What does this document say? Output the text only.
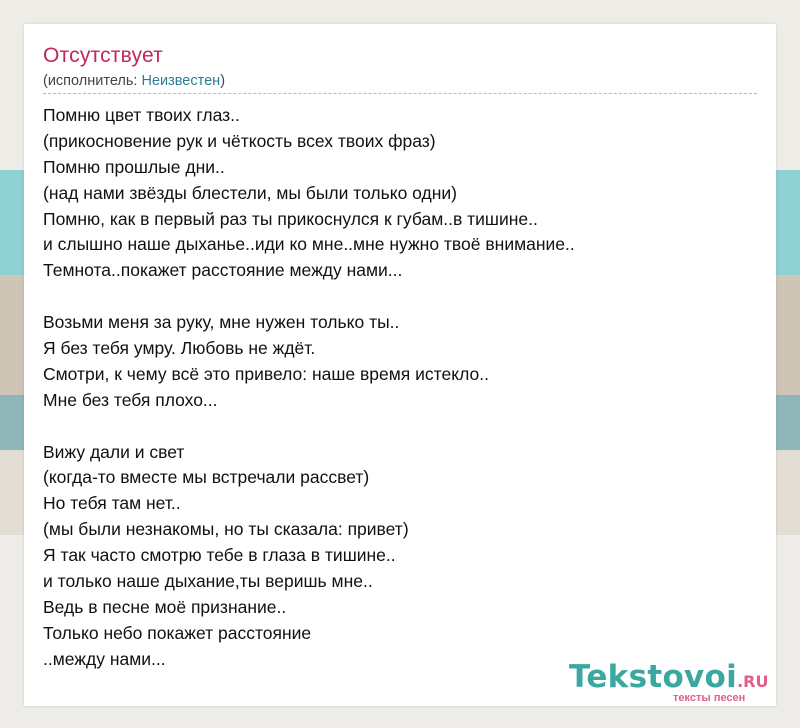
Отсутствует
(исполнитель: Неизвестен)
Помню цвет твоих глаз..
(прикосновение рук и чёткость всех твоих фраз)
Помню прошлые дни..
(над нами звёзды блестели, мы были только одни)
Помню, как в первый раз ты прикоснулся к губам..в тишине..
и слышно наше дыханье..иди ко мне..мне нужно твоё внимание..
Темнота..покажет расстояние между нами...
Возьми меня за руку, мне нужен только ты..
Я без тебя умру. Любовь не ждёт.
Смотри, к чему всё это привело: наше время истекло..
Мне без тебя плохо...
Вижу дали и свет
(когда-то вместе мы встречали рассвет)
Но тебя там нет..
(мы были незнакомы, но ты сказала: привет)
Я так часто смотрю тебе в глаза в тишине..
и только наше дыхание,ты веришь мне..
Ведь в песне моё признание..
Только небо покажет расстояние
..между нами...
Tekstovoi.RU
тексты песен
